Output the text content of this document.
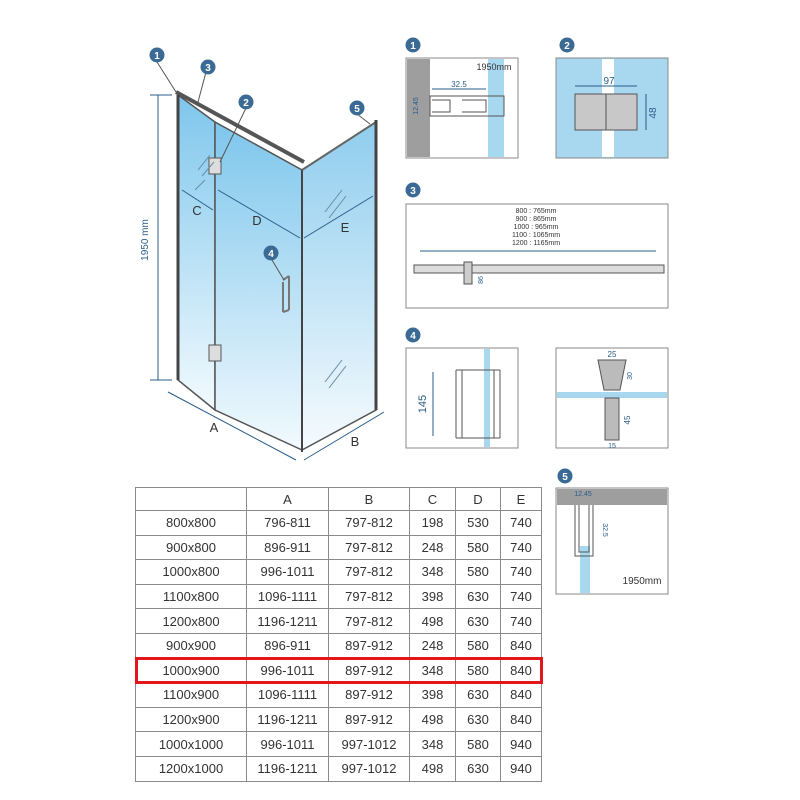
1950 mm
A
B
C
D	E
1
3
2
4
5
1
32.5
12.45
1950mm
2
97
48
3
800 : 765mm
900 : 865mm
1000 : 965mm
1100 : 1065mm
1200 : 1165mm
86
4
145
25
30
45
15
5
12.45
32.5
1950mm
	A	B	C	D	E
800x800	796-811	797-812	198	530	740
900x800	896-911	797-812	248	580	740
1000x800	996-1011	797-812	348	580	740
1100x800	1096-1111	797-812	398	630	740
1200x800	1196-1211	797-812	498	630	740
900x900	896-911	897-912	248	580	840
1000x900	996-1011	897-912	348	580	840
1100x900	1096-1111	897-912	398	630	840
1200x900	1196-1211	897-912	498	630	840
1000x1000	996-1011	997-1012	348	580	940
1200x1000	1196-1211	997-1012	498	630	940
